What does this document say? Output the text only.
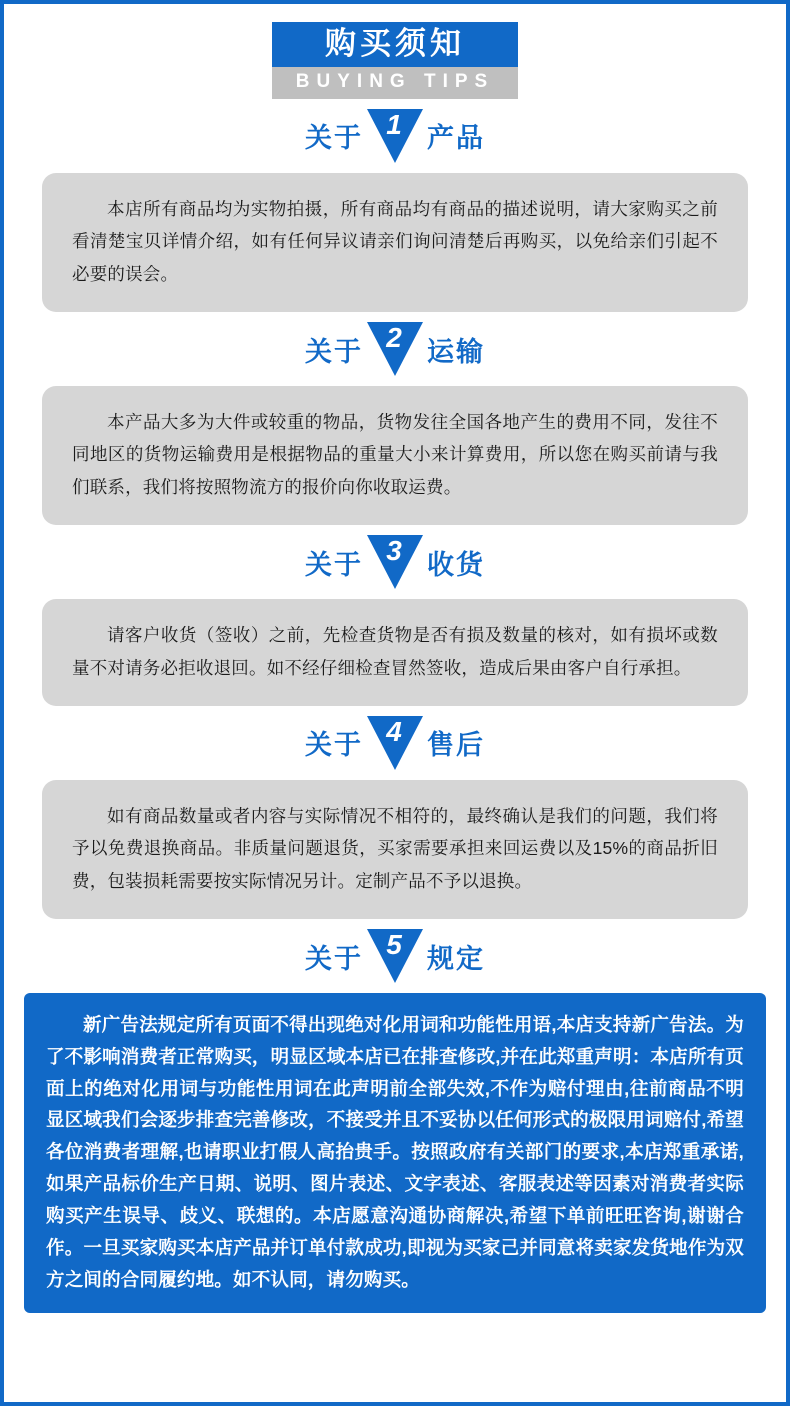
购买须知
BUYING TIPS
关于 1 产品

本店所有商品均为实物拍摄，所有商品均有商品的描述说明，请大家购买之前看清楚宝贝详情介绍，如有任何异议请亲们询问清楚后再购买，以免给亲们引起不必要的误会。

关于 2 运输

本产品大多为大件或较重的物品，货物发往全国各地产生的费用不同，发往不同地区的货物运输费用是根据物品的重量大小来计算费用，所以您在购买前请与我们联系，我们将按照物流方的报价向你收取运费。

关于 3 收货

请客户收货（签收）之前，先检查货物是否有损及数量的核对，如有损坏或数量不对请务必拒收退回。如不经仔细检查冒然签收，造成后果由客户自行承担。

关于 4 售后

如有商品数量或者内容与实际情况不相符的，最终确认是我们的问题，我们将予以免费退换商品。非质量问题退货，买家需要承担来回运费以及15%的商品折旧费，包装损耗需要按实际情况另计。定制产品不予以退换。

关于 5 规定

新广告法规定所有页面不得出现绝对化用词和功能性用语,本店支持新广告法。为了不影响消费者正常购买，明显区域本店已在排查修改,并在此郑重声明：本店所有页面上的绝对化用词与功能性用词在此声明前全部失效,不作为赔付理由,往前商品不明显区域我们会逐步排查完善修改，不接受并且不妥协以任何形式的极限用词赔付,希望各位消费者理解,也请职业打假人高抬贵手。按照政府有关部门的要求,本店郑重承诺,如果产品标价生产日期、说明、图片表述、文字表述、客服表述等因素对消费者实际购买产生误导、歧义、联想的。本店愿意沟通协商解决,希望下单前旺旺咨询,谢谢合作。一旦买家购买本店产品并订单付款成功,即视为买家己并同意将卖家发货地作为双方之间的合同履约地。如不认同，请勿购买。
